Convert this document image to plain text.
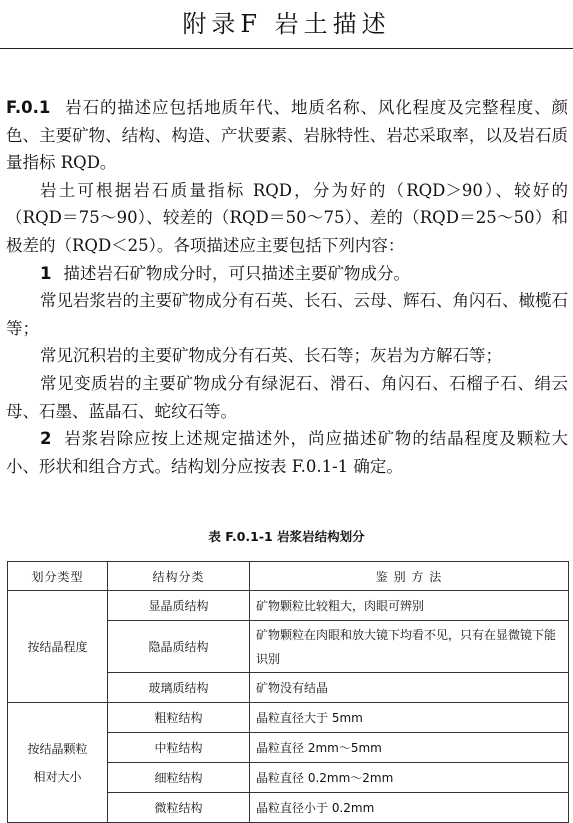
附录F 岩土描述

F.0.1 岩石的描述应包括地质年代、地质名称、风化程度及完整程度、颜色、主要矿物、结构、构造、产状要素、岩脉特性、岩芯采取率，以及岩石质量指标 RQD。

岩土可根据岩石质量指标 RQD，分为好的（RQD＞90）、较好的（RQD＝75～90）、较差的（RQD＝50～75）、差的（RQD＝25～50）和极差的（RQD＜25）。各项描述应主要包括下列内容：

1 描述岩石矿物成分时，可只描述主要矿物成分。

常见岩浆岩的主要矿物成分有石英、长石、云母、辉石、角闪石、橄榄石等；

常见沉积岩的主要矿物成分有石英、长石等；灰岩为方解石等；

常见变质岩的主要矿物成分有绿泥石、滑石、角闪石、石榴子石、绢云母、石墨、蓝晶石、蛇纹石等。

2 岩浆岩除应按上述规定描述外，尚应描述矿物的结晶程度及颗粒大小、形状和组合方式。结构划分应按表 F.0.1-1 确定。

表 F.0.1-1 岩浆岩结构划分
划分类型	结构分类	鉴 别 方 法
按结晶程度	显晶质结构	矿物颗粒比较粗大，肉眼可辨别
	隐晶质结构	矿物颗粒在肉眼和放大镜下均看不见，只有在显微镜下能识别
	玻璃质结构	矿物没有结晶

按结晶颗粒
相对大小	粗粒结构	晶粒直径大于 5mm
	中粒结构	晶粒直径 2mm～5mm
	细粒结构	晶粒直径 0.2mm～2mm
	微粒结构	晶粒直径小于 0.2mm
